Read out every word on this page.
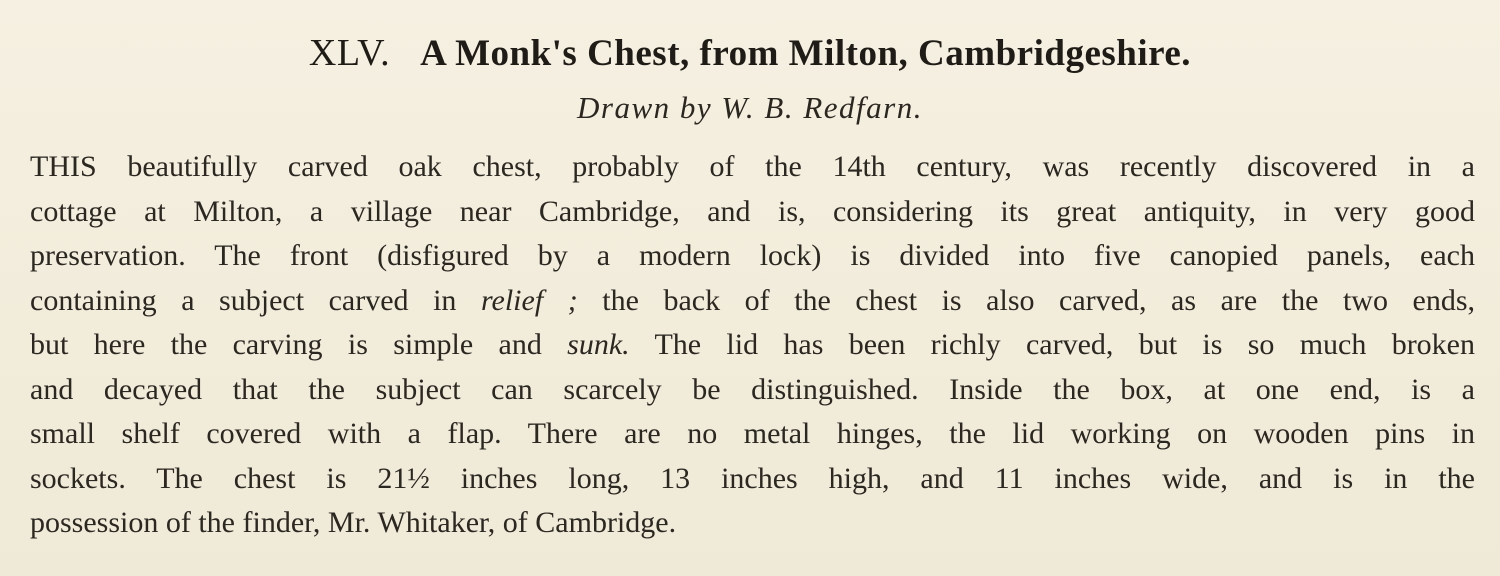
XLV. A Monk's Chest, from Milton, Cambridgeshire.
Drawn by W. B. Redfarn.
THIS beautifully carved oak chest, probably of the 14th century, was recently discovered in a
cottage at Milton, a village near Cambridge, and is, considering its great antiquity, in very good
preservation. The front (disfigured by a modern lock) is divided into five canopied panels, each
containing a subject carved in relief ; the back of the chest is also carved, as are the two ends,
but here the carving is simple and sunk. The lid has been richly carved, but is so much broken
and decayed that the subject can scarcely be distinguished. Inside the box, at one end, is a
small shelf covered with a flap. There are no metal hinges, the lid working on wooden pins in
sockets. The chest is 21½ inches long, 13 inches high, and 11 inches wide, and is in the
possession of the finder, Mr. Whitaker, of Cambridge.
